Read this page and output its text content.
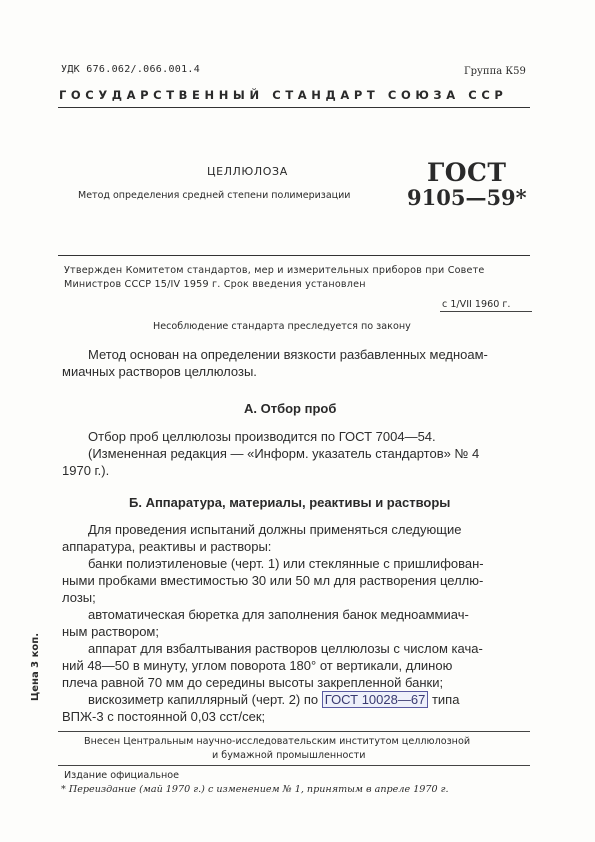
УДК 676.062/.066.001.4	Группа К59
ГОСУДАРСТВЕННЫЙ СТАНДАРТ СОЮЗА ССР
ЦЕЛЛЮЛОЗА
Метод определения средней степени полимеризации
ГОСТ
9105—59*
Утвержден Комитетом стандартов, мер и измерительных приборов при Совете
Министров СССР 15/IV 1959 г. Срок введения установлен
с 1/VII 1960 г.
Несоблюдение стандарта преследуется по закону
Метод основан на определении вязкости разбавленных медноам-
миачных растворов целлюлозы.
А. Отбор проб
Отбор проб целлюлозы производится по ГОСТ 7004—54.
(Измененная редакция — «Информ. указатель стандартов» № 4
1970 г.).
Б. Аппаратура, материалы, реактивы и растворы
Для проведения испытаний должны применяться следующие
аппаратура, реактивы и растворы:
банки полиэтиленовые (черт. 1) или стеклянные с пришлифован-
ными пробками вместимостью 30 или 50 мл для растворения целлю-
лозы;
автоматическая бюретка для заполнения банок медноаммиач-
ным раствором;
аппарат для взбалтывания растворов целлюлозы с числом кача-
ний 48—50 в минуту, углом поворота 180° от вертикали, длиною
плеча равной 70 мм до середины высоты закрепленной банки;
вискозиметр капиллярный (черт. 2) по ГОСТ 10028—67 типа
ВПЖ-3 с постоянной 0,03 сст/сек;
Цена 3 коп.
Внесен Центральным научно-исследовательским институтом целлюлозной
и бумажной промышленности
Издание официальное
* Переиздание (май 1970 г.) с изменением № 1, принятым в апреле 1970 г.
